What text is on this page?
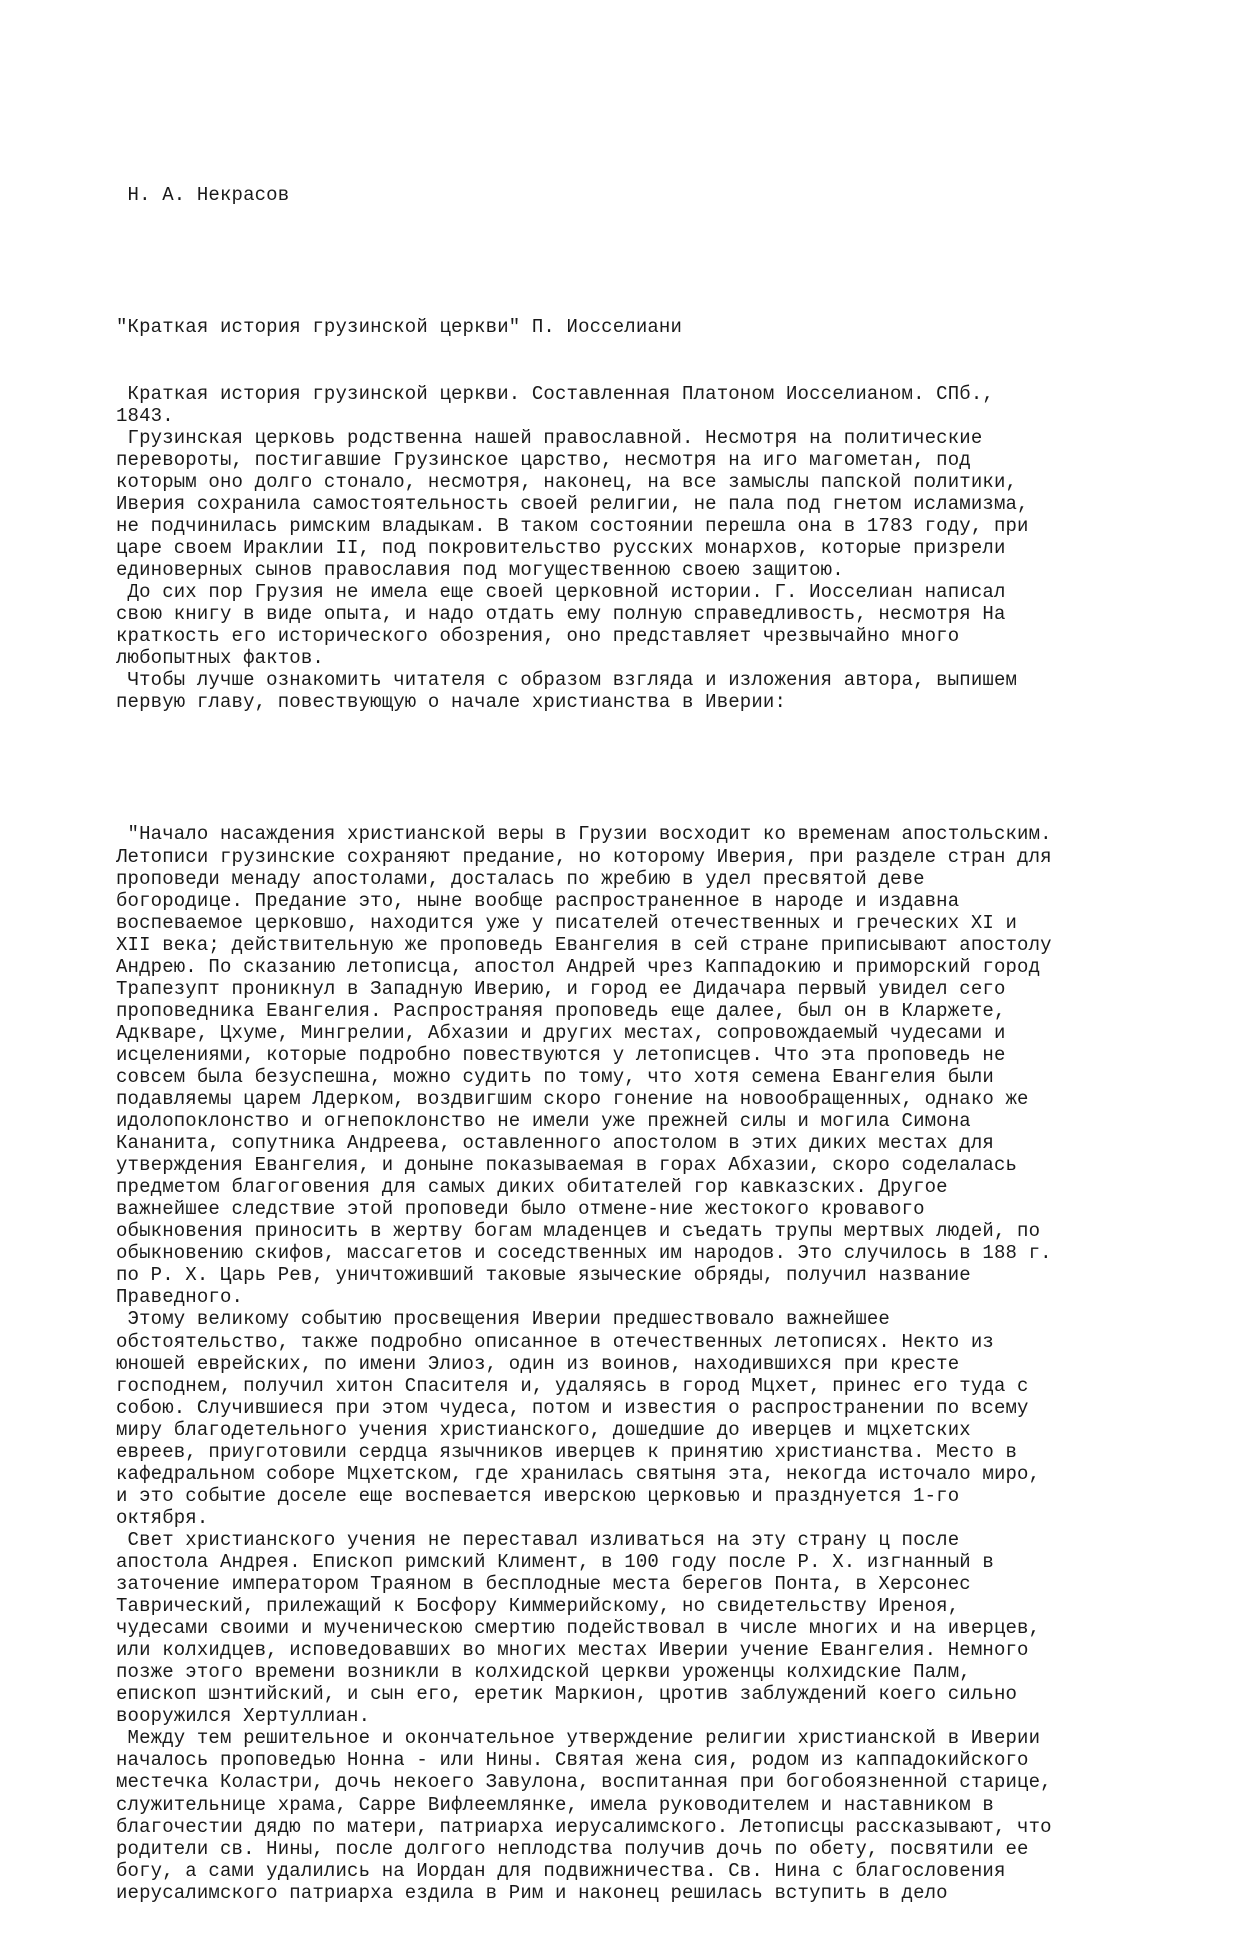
Н. А. Некрасов

"Краткая история грузинской церкви" П. Иосселиани

Краткая история грузинской церкви. Составленная Платоном Иосселианом. СПб.,
1843.
Грузинская церковь родственна нашей православной. Несмотря на политические
перевороты, постигавшие Грузинское царство, несмотря на иго магометан, под
которым оно долго стонало, несмотря, наконец, на все замыслы папской политики,
Иверия сохранила самостоятельность своей религии, не пала под гнетом исламизма,
не подчинилась римским владыкам. В таком состоянии перешла она в 1783 году, при
царе своем Ираклии II, под покровительство русских монархов, которые призрели
единоверных сынов православия под могущественною своею защитою.
До сих пор Грузия не имела еще своей церковной истории. Г. Иосселиан написал
свою книгу в виде опыта, и надо отдать ему полную справедливость, несмотря На
краткость его исторического обозрения, оно представляет чрезвычайно много
любопытных фактов.
Чтобы лучше ознакомить читателя с образом взгляда и изложения автора, выпишем
первую главу, повествующую о начале христианства в Иверии:

"Начало насаждения христианской веры в Грузии восходит ко временам апостольским.
Летописи грузинские сохраняют предание, но которому Иверия, при разделе стран для
проповеди менаду апостолами, досталась по жребию в удел пресвятой деве
богородице. Предание это, ныне вообще распространенное в народе и издавна
воспеваемое церковшо, находится уже у писателей отечественных и греческих XI и
XII века; действительную же проповедь Евангелия в сей стране приписывают апостолу
Андрею. По сказанию летописца, апостол Андрей чрез Каппадокию и приморский город
Трапезупт проникнул в Западную Иверию, и город ее Дидачара первый увидел сего
проповедника Евангелия. Распространяя проповедь еще далее, был он в Кларжете,
Адкваре, Цхуме, Мингрелии, Абхазии и других местах, сопровождаемый чудесами и
исцелениями, которые подробно повествуются у летописцев. Что эта проповедь не
совсем была безуспешна, можно судить по тому, что хотя семена Евангелия были
подавляемы царем Лдерком, воздвигшим скоро гонение на новообращенных, однако же
идолопоклонство и огнепоклонство не имели уже прежней силы и могила Симона
Кананита, сопутника Андреева, оставленного апостолом в этих диких местах для
утверждения Евангелия, и доныне показываемая в горах Абхазии, скоро соделалась
предметом благоговения для самых диких обитателей гор кавказских. Другое
важнейшее следствие этой проповеди было отмене-ние жестокого кровавого
обыкновения приносить в жертву богам младенцев и съедать трупы мертвых людей, по
обыкновению скифов, массагетов и соседственных им народов. Это случилось в 188 г.
по Р. Х. Царь Рев, уничтоживший таковые языческие обряды, получил название
Праведного.
Этому великому событию просвещения Иверии предшествовало важнейшее
обстоятельство, также подробно описанное в отечественных летописях. Некто из
юношей еврейских, по имени Элиоз, один из воинов, находившихся при кресте
господнем, получил хитон Спасителя и, удаляясь в город Мцхет, принес его туда с
собою. Случившиеся при этом чудеса, потом и известия о распространении по всему
миру благодетельного учения христианского, дошедшие до иверцев и мцхетских
евреев, приуготовили сердца язычников иверцев к принятию христианства. Место в
кафедральном соборе Мцхетском, где хранилась святыня эта, некогда источало миро,
и это событие доселе еще воспевается иверскою церковью и празднуется 1-го
октября.
Свет христианского учения не переставал изливаться на эту страну ц после
апостола Андрея. Епископ римский Климент, в 100 году после Р. Х. изгнанный в
заточение императором Траяном в бесплодные места берегов Понта, в Херсонес
Таврический, прилежащий к Босфору Киммерийскому, но свидетельству Иреноя,
чудесами своими и мученическою смертию подействовал в числе многих и на иверцев,
или колхидцев, исповедовавших во многих местах Иверии учение Евангелия. Немного
позже этого времени возникли в колхидской церкви уроженцы колхидские Палм,
епископ шэнтийский, и сын его, еретик Маркион, цротив заблуждений коего сильно
вооружился Хертуллиан.
Между тем решительное и окончательное утверждение религии христианской в Иверии
началось проповедью Нонна - или Нины. Святая жена сия, родом из каппадокийского
местечка Коластри, дочь некоего Завулона, воспитанная при богобоязненной старице,
служительнице храма, Сарре Вифлеемлянке, имела руководителем и наставником в
благочестии дядю по матери, патриарха иерусалимского. Летописцы рассказывают, что
родители св. Нины, после долгого неплодства получив дочь по обету, посвятили ее
богу, а сами удалились на Иордан для подвижничества. Св. Нина с благословения
иерусалимского патриарха ездила в Рим и наконец решилась вступить в дело
